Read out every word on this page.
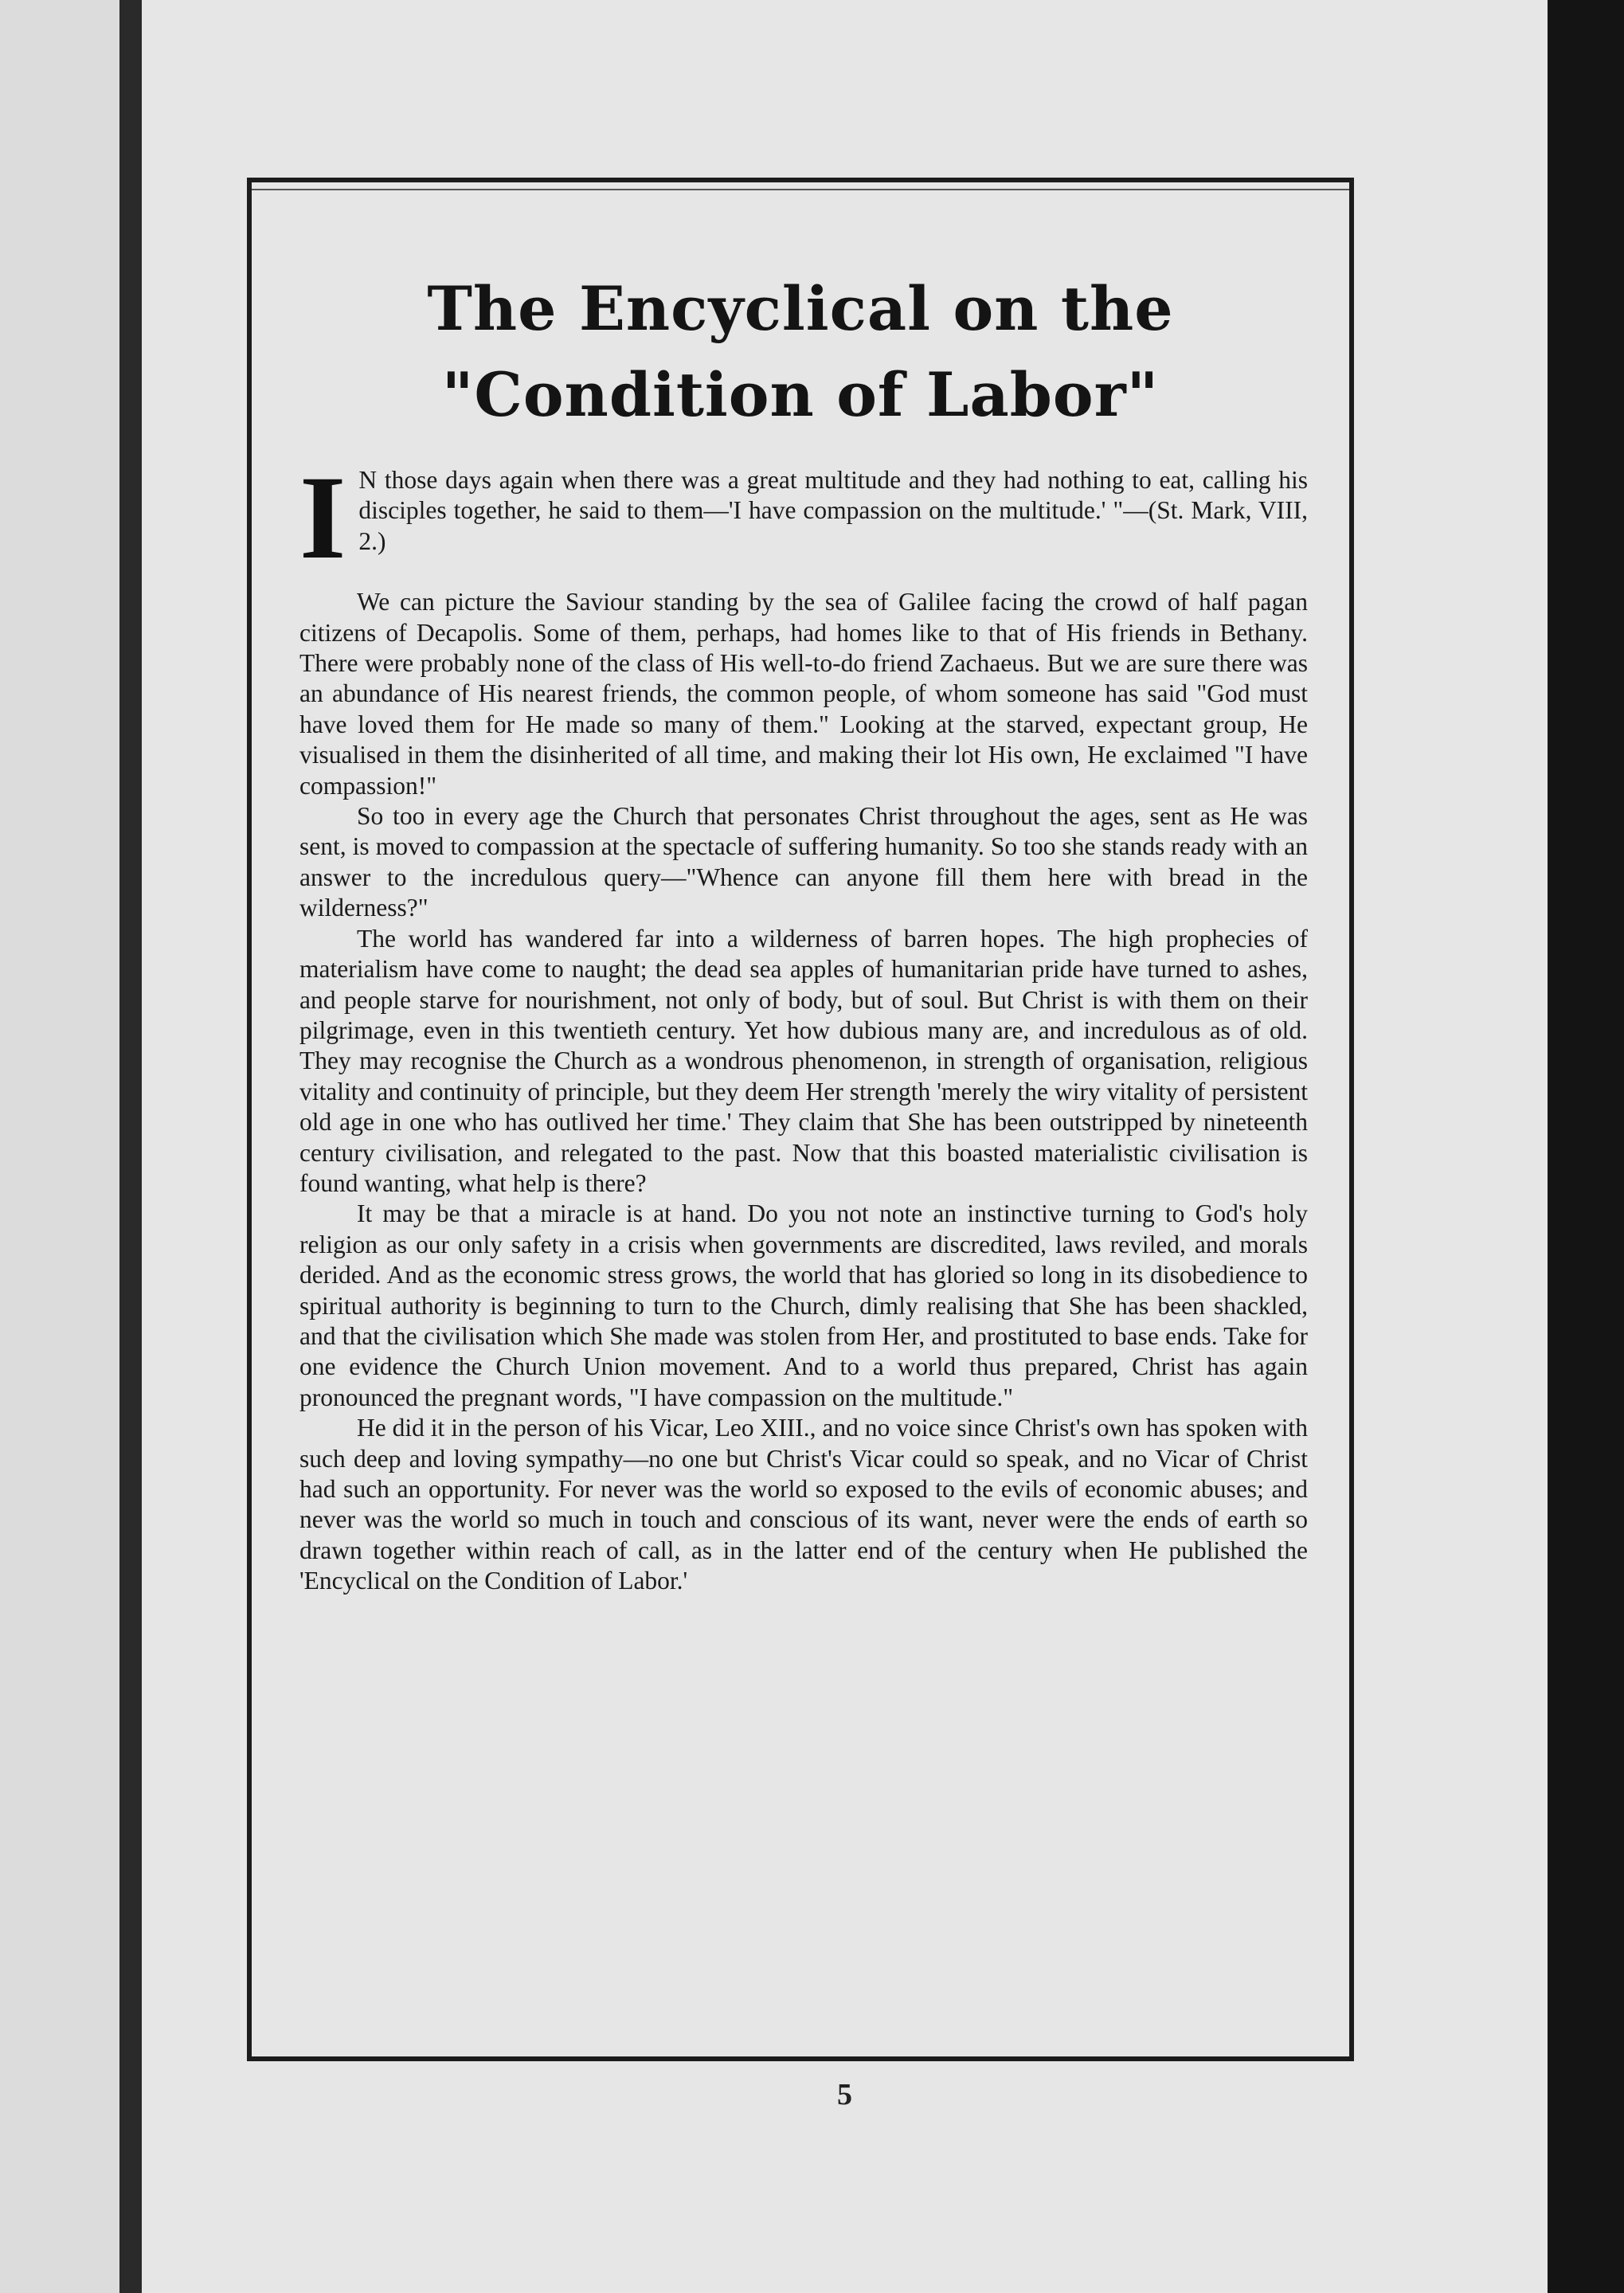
The Encyclical on the "Condition of Labor"

I N those days again when there was a great multitude and they had nothing to eat, calling his disciples together, he said to them—'I have compassion on the multitude.' "—(St. Mark, VIII, 2.)

We can picture the Saviour standing by the sea of Galilee facing the crowd of half pagan citizens of Decapolis. Some of them, perhaps, had homes like to that of His friends in Bethany. There were probably none of the class of His well-to-do friend Zachaeus. But we are sure there was an abundance of His nearest friends, the common people, of whom someone has said "God must have loved them for He made so many of them." Looking at the starved, expectant group, He visualised in them the disinherited of all time, and making their lot His own, He exclaimed "I have compassion!"

So too in every age the Church that personates Christ throughout the ages, sent as He was sent, is moved to compassion at the spectacle of suffering humanity. So too she stands ready with an answer to the incredulous query—"Whence can anyone fill them here with bread in the wilderness?"

The world has wandered far into a wilderness of barren hopes. The high prophecies of materialism have come to naught; the dead sea apples of humanitarian pride have turned to ashes, and people starve for nourishment, not only of body, but of soul. But Christ is with them on their pilgrimage, even in this twentieth century. Yet how dubious many are, and incredulous as of old. They may recognise the Church as a wondrous phenomenon, in strength of organisation, religious vitality and continuity of principle, but they deem Her strength 'merely the wiry vitality of persistent old age in one who has outlived her time.' They claim that She has been outstripped by nineteenth century civilisation, and relegated to the past. Now that this boasted materialistic civilisation is found wanting, what help is there?

It may be that a miracle is at hand. Do you not note an instinctive turning to God's holy religion as our only safety in a crisis when governments are discredited, laws reviled, and morals derided. And as the economic stress grows, the world that has gloried so long in its disobedience to spiritual authority is beginning to turn to the Church, dimly realising that She has been shackled, and that the civilisation which She made was stolen from Her, and prostituted to base ends. Take for one evidence the Church Union movement. And to a world thus prepared, Christ has again pronounced the pregnant words, "I have compassion on the multitude."

He did it in the person of his Vicar, Leo XIII., and no voice since Christ's own has spoken with such deep and loving sympathy—no one but Christ's Vicar could so speak, and no Vicar of Christ had such an opportunity. For never was the world so exposed to the evils of economic abuses; and never was the world so much in touch and conscious of its want, never were the ends of earth so drawn together within reach of call, as in the latter end of the century when He published the 'Encyclical on the Condition of Labor.'

5
